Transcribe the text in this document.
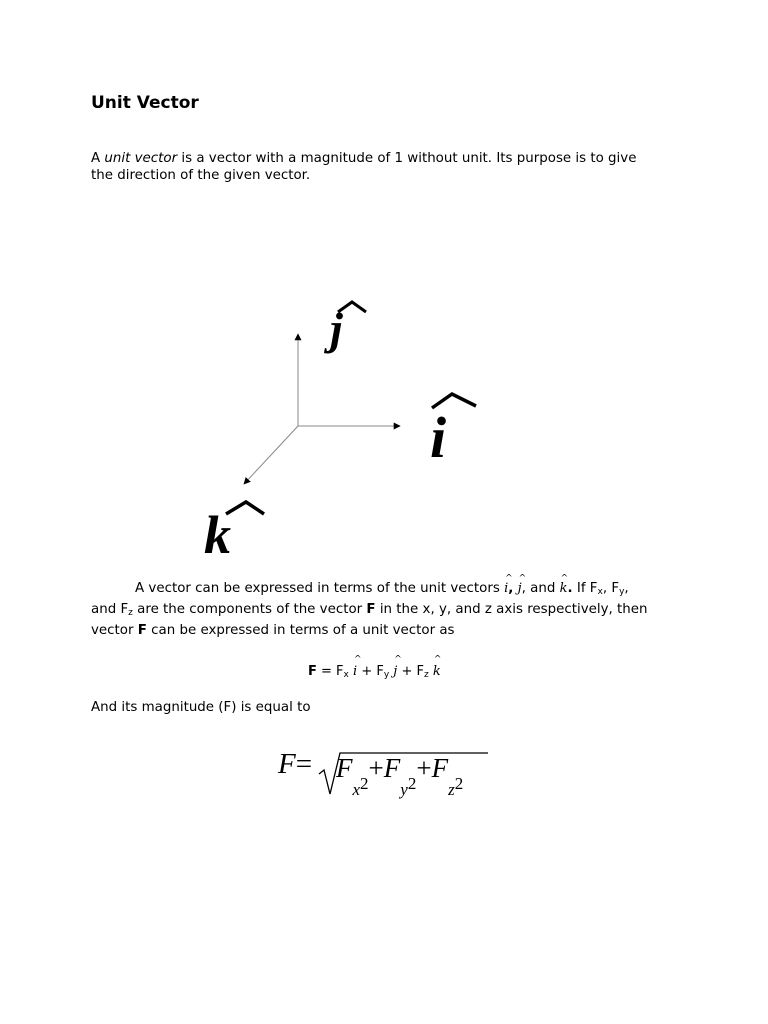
Unit Vector
A unit vector is a vector with a magnitude of 1 without unit. Its purpose is to give
the direction of the given vector.
j
i
k
A vector can be expressed in terms of the unit vectors ^ i, ^ j, and ^ k. If $F_x$, $F_y$,
and $F_z$ are the components of the vector F in the x, y, and z axis respectively, then
vector F can be expressed in terms of a unit vector as
$F = F_x$ ^ $i + F_y$ ^ $j + F_z$ ^ k
And its magnitude (F) is equal to
$F= F_{x2}+F_{y2}+F_{z2}$
